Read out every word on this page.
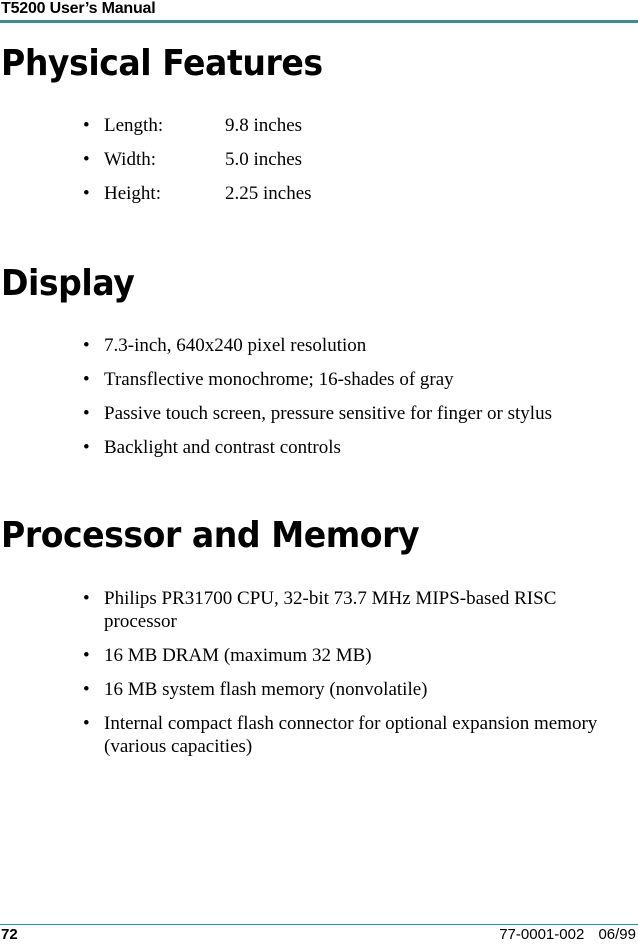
T5200 User’s Manual
Physical Features
• Length:	9.8 inches
• Width:	5.0 inches
• Height:	2.25 inches
Display
• 7.3-inch, 640x240 pixel resolution
• Transflective monochrome; 16-shades of gray
• Passive touch screen, pressure sensitive for finger or stylus
• Backlight and contrast controls
Processor and Memory
• Philips PR31700 CPU, 32-bit 73.7 MHz MIPS-based RISC processor
• 16 MB DRAM (maximum 32 MB)
• 16 MB system flash memory (nonvolatile)
• Internal compact flash connector for optional expansion memory (various capacities)
72	77-0001-002 06/99
